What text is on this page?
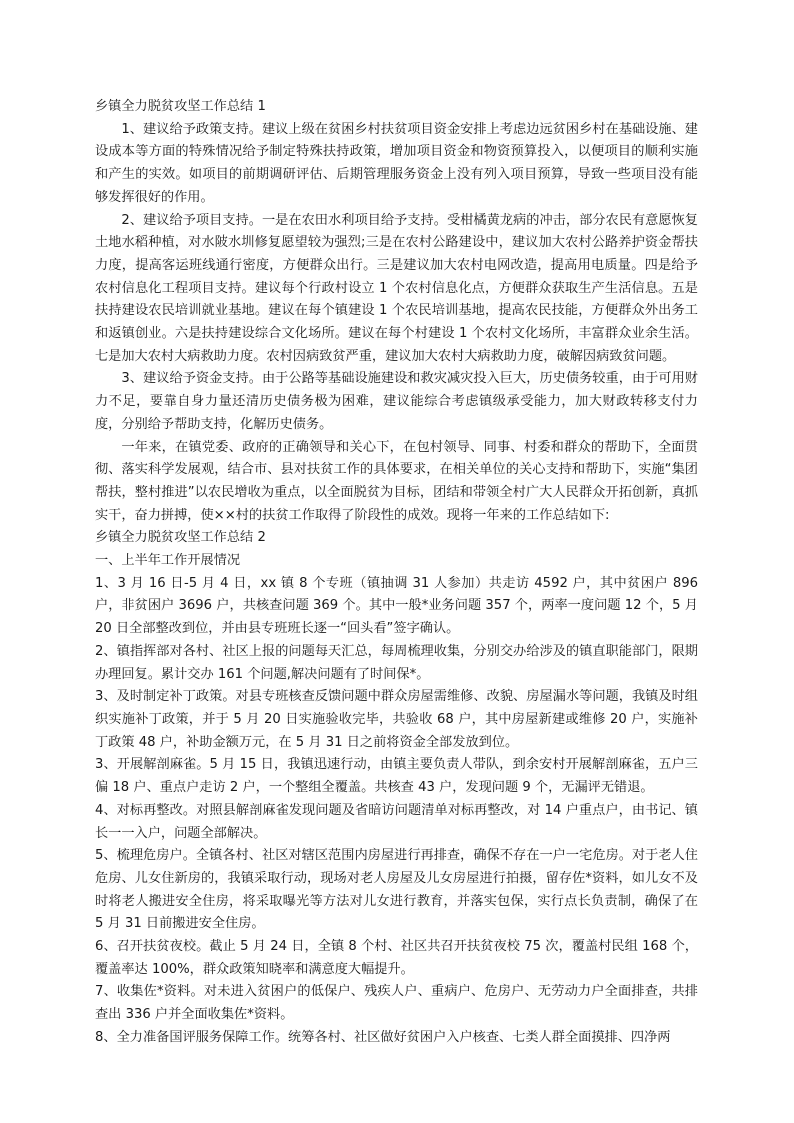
乡镇全力脱贫攻坚工作总结 1

1、建议给予政策支持。建议上级在贫困乡村扶贫项目资金安排上考虑边远贫困乡村在基础设施、建设成本等方面的特殊情况给予制定特殊扶持政策，增加项目资金和物资预算投入，以便项目的顺利实施和产生的实效。如项目的前期调研评估、后期管理服务资金上没有列入项目预算，导致一些项目没有能够发挥很好的作用。

2、建议给予项目支持。一是在农田水利项目给予支持。受柑橘黄龙病的冲击，部分农民有意愿恢复土地水稻种植，对水陂水圳修复愿望较为强烈;三是在农村公路建设中，建议加大农村公路养护资金帮扶力度，提高客运班线通行密度，方便群众出行。三是建议加大农村电网改造，提高用电质量。四是给予农村信息化工程项目支持。建议每个行政村设立 1 个农村信息化点，方便群众获取生产生活信息。五是扶持建设农民培训就业基地。建议在每个镇建设 1 个农民培训基地，提高农民技能，方便群众外出务工和返镇创业。六是扶持建设综合文化场所。建议在每个村建设 1 个农村文化场所，丰富群众业余生活。七是加大农村大病救助力度。农村因病致贫严重，建议加大农村大病救助力度，破解因病致贫问题。

3、建议给予资金支持。由于公路等基础设施建设和救灾减灾投入巨大，历史债务较重，由于可用财力不足，要靠自身力量还清历史债务极为困难，建议能综合考虑镇级承受能力，加大财政转移支付力度，分别给予帮助支持，化解历史债务。

一年来，在镇党委、政府的正确领导和关心下，在包村领导、同事、村委和群众的帮助下，全面贯彻、落实科学发展观，结合市、县对扶贫工作的具体要求，在相关单位的关心支持和帮助下，实施“集团帮扶，整村推进”以农民增收为重点，以全面脱贫为目标，团结和带领全村广大人民群众开拓创新，真抓实干，奋力拼搏，使××村的扶贫工作取得了阶段性的成效。现将一年来的工作总结如下:

乡镇全力脱贫攻坚工作总结 2

一、上半年工作开展情况

1、3 月 16 日-5 月 4 日，xx 镇 8 个专班（镇抽调 31 人参加）共走访 4592 户，其中贫困户 896 户，非贫困户 3696 户，共核查问题 369 个。其中一般*业务问题 357 个，两率一度问题 12 个，5 月 20 日全部整改到位，并由县专班班长逐一“回头看”签字确认。

2、镇指挥部对各村、社区上报的问题每天汇总，每周梳理收集，分别交办给涉及的镇直职能部门，限期办理回复。累计交办 161 个问题,解决问题有了时间保*。

3、及时制定补丁政策。对县专班核查反馈问题中群众房屋需维修、改貌、房屋漏水等问题，我镇及时组织实施补丁政策，并于 5 月 20 日实施验收完毕，共验收 68 户，其中房屋新建或维修 20 户，实施补丁政策 48 户，补助金额万元，在 5 月 31 日之前将资金全部发放到位。

3、开展解剖麻雀。5 月 15 日，我镇迅速行动，由镇主要负责人带队，到余安村开展解剖麻雀，五户三偏 18 户、重点户走访 2 户，一个整组全覆盖。共核查 43 户，发现问题 9 个，无漏评无错退。

4、对标再整改。对照县解剖麻雀发现问题及省暗访问题清单对标再整改，对 14 户重点户，由书记、镇长一一入户，问题全部解决。

5、梳理危房户。全镇各村、社区对辖区范围内房屋进行再排查，确保不存在一户一宅危房。对于老人住危房、儿女住新房的，我镇采取行动，现场对老人房屋及儿女房屋进行拍摄，留存佐*资料，如儿女不及时将老人搬进安全住房，将采取曝光等方法对儿女进行教育，并落实包保，实行点长负责制，确保了在 5 月 31 日前搬进安全住房。

6、召开扶贫夜校。截止 5 月 24 日，全镇 8 个村、社区共召开扶贫夜校 75 次，覆盖村民组 168 个，覆盖率达 100%，群众政策知晓率和满意度大幅提升。

7、收集佐*资料。对未进入贫困户的低保户、残疾人户、重病户、危房户、无劳动力户全面排查，共排查出 336 户并全面收集佐*资料。

8、全力准备国评服务保障工作。统筹各村、社区做好贫困户入户核查、七类人群全面摸排、四净两
